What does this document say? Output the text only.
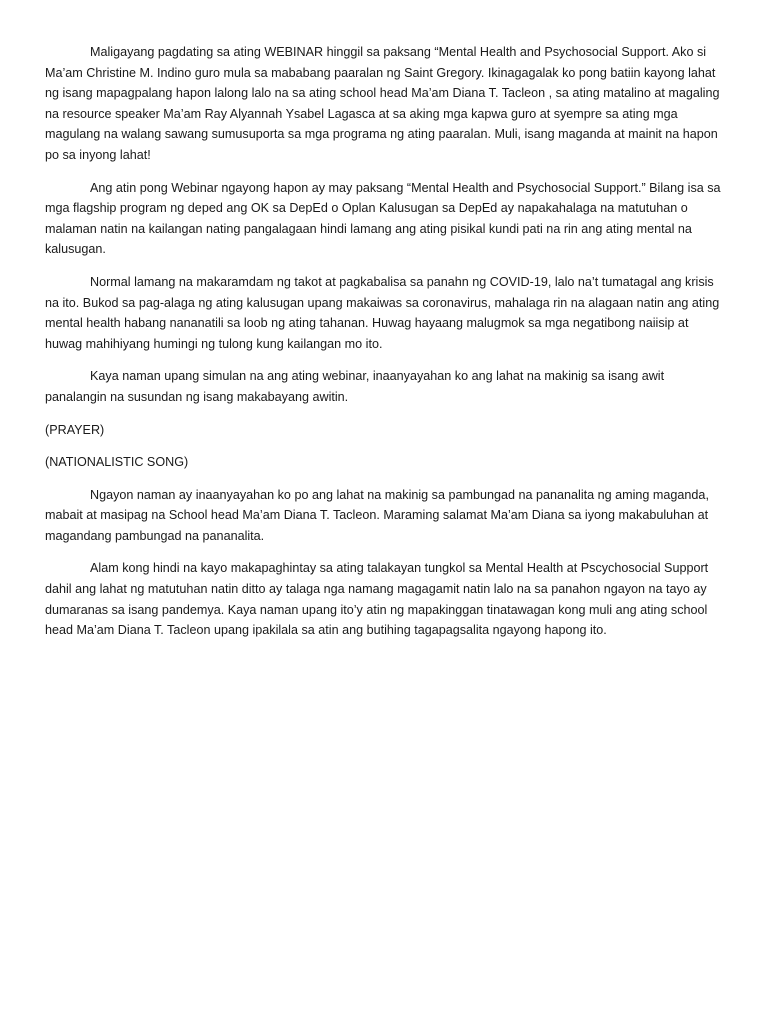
Maligayang pagdating sa ating WEBINAR hinggil sa paksang “Mental Health and Psychosocial Support. Ako si Ma’am Christine M. Indino guro mula sa mababang paaralan ng Saint Gregory. Ikinagagalak ko pong batiin kayong lahat ng isang mapagpalang hapon lalong lalo na sa ating school head Ma’am Diana T. Tacleon , sa ating matalino at magaling na resource speaker Ma’am Ray Alyannah Ysabel Lagasca at sa aking mga kapwa guro at syempre sa ating mga magulang na walang sawang sumusuporta sa mga programa ng ating paaralan. Muli, isang maganda at mainit na hapon po sa inyong lahat!

Ang atin pong Webinar ngayong hapon ay may paksang “Mental Health and Psychosocial Support.” Bilang isa sa mga flagship program ng deped ang OK sa DepEd o Oplan Kalusugan sa DepEd ay napakahalaga na matutuhan o malaman natin na kailangan nating pangalagaan hindi lamang ang ating pisikal kundi pati na rin ang ating mental na kalusugan.

Normal lamang na makaramdam ng takot at pagkabalisa sa panahn ng COVID-19, lalo na’t tumatagal ang krisis na ito. Bukod sa pag-alaga ng ating kalusugan upang makaiwas sa coronavirus, mahalaga rin na alagaan natin ang ating mental health habang nananatili sa loob ng ating tahanan. Huwag hayaang malugmok sa mga negatibong naiisip at huwag mahihiyang humingi ng tulong kung kailangan mo ito.

Kaya naman upang simulan na ang ating webinar, inaanyayahan ko ang lahat na makinig sa isang awit panalangin na susundan ng isang makabayang awitin.

(PRAYER)

(NATIONALISTIC SONG)

Ngayon naman ay inaanyayahan ko po ang lahat na makinig sa pambungad na pananalita ng aming maganda, mabait at masipag na School head Ma’am Diana T. Tacleon. Maraming salamat Ma’am Diana sa iyong makabuluhan at magandang pambungad na pananalita.

Alam kong hindi na kayo makapaghintay sa ating talakayan tungkol sa Mental Health at Pscychosocial Support dahil ang lahat ng matutuhan natin ditto ay talaga nga namang magagamit natin lalo na sa panahon ngayon na tayo ay dumaranas sa isang pandemya. Kaya naman upang ito’y atin ng mapakinggan tinatawagan kong muli ang ating school head Ma’am Diana T. Tacleon upang ipakilala sa atin ang butihing tagapagsalita ngayong hapong ito.
